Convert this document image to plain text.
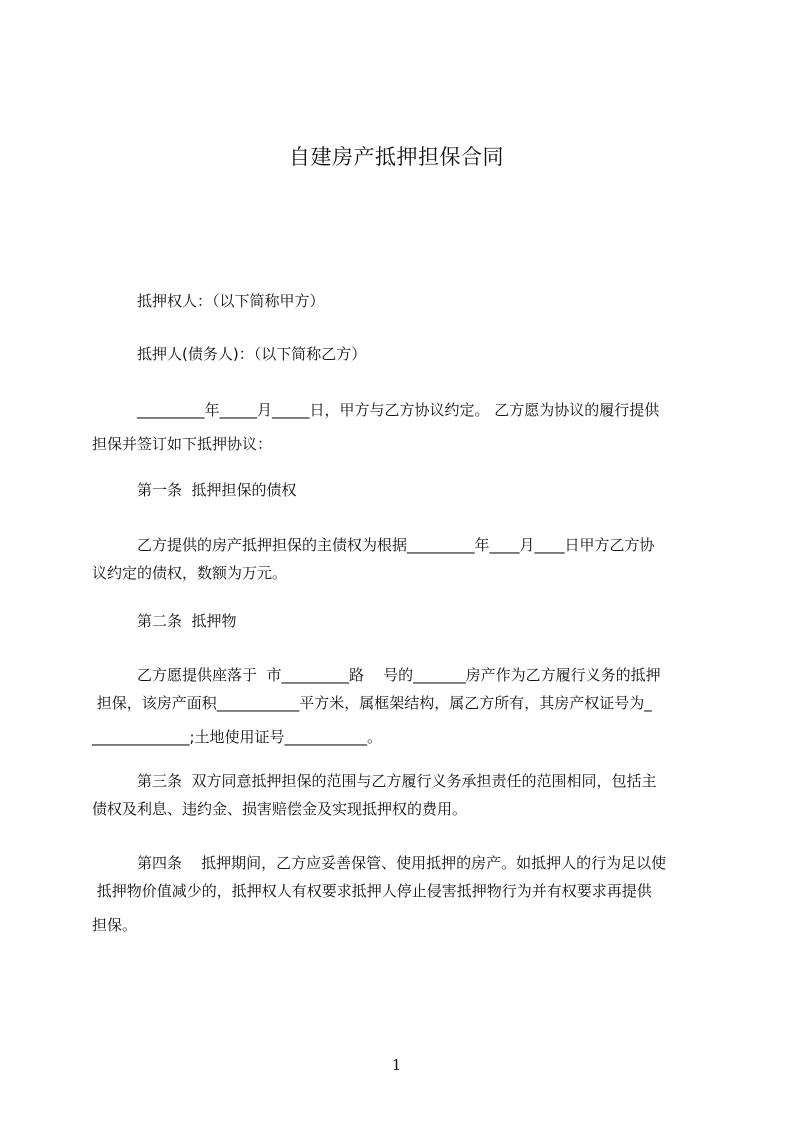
自建房产抵押担保合同
抵押权人：（以下简称甲方）
抵押人(债务人)：（以下简称乙方）
_________年_____月_____日，甲方与乙方协议约定。 乙方愿为协议的履行提供
担保并签订如下抵押协议：
第一条  抵押担保的债权
乙方提供的房产抵押担保的主债权为根据_________年____月____日甲方乙方协
议约定的债权，数额为万元。
第二条  抵押物
乙方愿提供座落于  市_________路    号的_______房产作为乙方履行义务的抵押
担保，该房产面积___________平方米，属框架结构，属乙方所有，其房产权证号为_
_____________;土地使用证号___________。
第三条  双方同意抵押担保的范围与乙方履行义务承担责任的范围相同，包括主
债权及利息、违约金、损害赔偿金及实现抵押权的费用。
第四条    抵押期间，乙方应妥善保管、使用抵押的房产。如抵押人的行为足以使
抵押物价值减少的，抵押权人有权要求抵押人停止侵害抵押物行为并有权要求再提供
担保。
1
